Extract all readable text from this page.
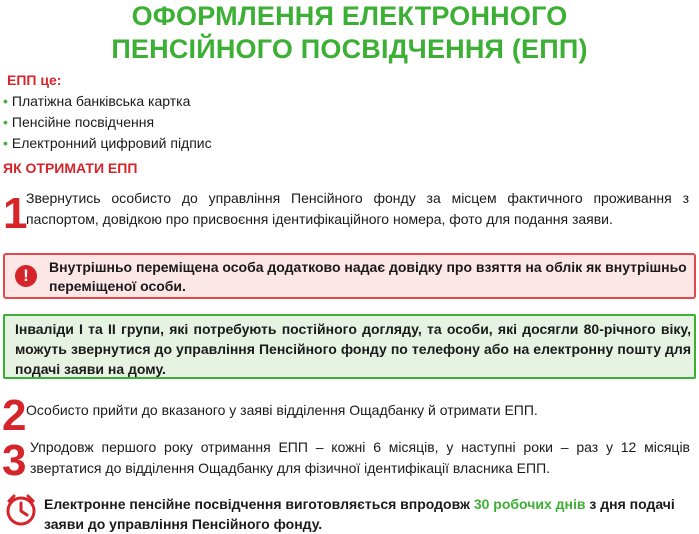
ОФОРМЛЕННЯ ЕЛЕКТРОННОГО
ПЕНСІЙНОГО ПОСВІДЧЕННЯ (ЕПП)
ЕПП це:
• Платіжна банківська картка
• Пенсійне посвідчення
• Електронний цифровий підпис
ЯК ОТРИМАТИ ЕПП
1
Звернутись особисто до управління Пенсійного фонду за місцем фактичного проживання з паспортом, довідкою про присвоєння ідентифікаційного номера, фото для подання заяви.
!	Внутрішньо переміщена особа додатково надає довідку про взяття на облік як внутрішньо переміщеної особи.
Інваліди І та ІІ групи, які потребують постійного догляду, та особи, які досягли 80-річного віку, можуть звернутися до управління Пенсійного фонду по телефону або на електронну пошту для подачі заяви на дому.
2 Особисто прийти до вказаного у заяві відділення Ощадбанку й отримати ЕПП.
3 Упродовж першого року отримання ЕПП – кожні 6 місяців, у наступні роки – раз у 12 місяців звертатися до відділення Ощадбанку для фізичної ідентифікації власника ЕПП.
Електронне пенсійне посвідчення виготовляється впродовж 30 робочих днів з дня подачі заяви до управління Пенсійного фонду.
